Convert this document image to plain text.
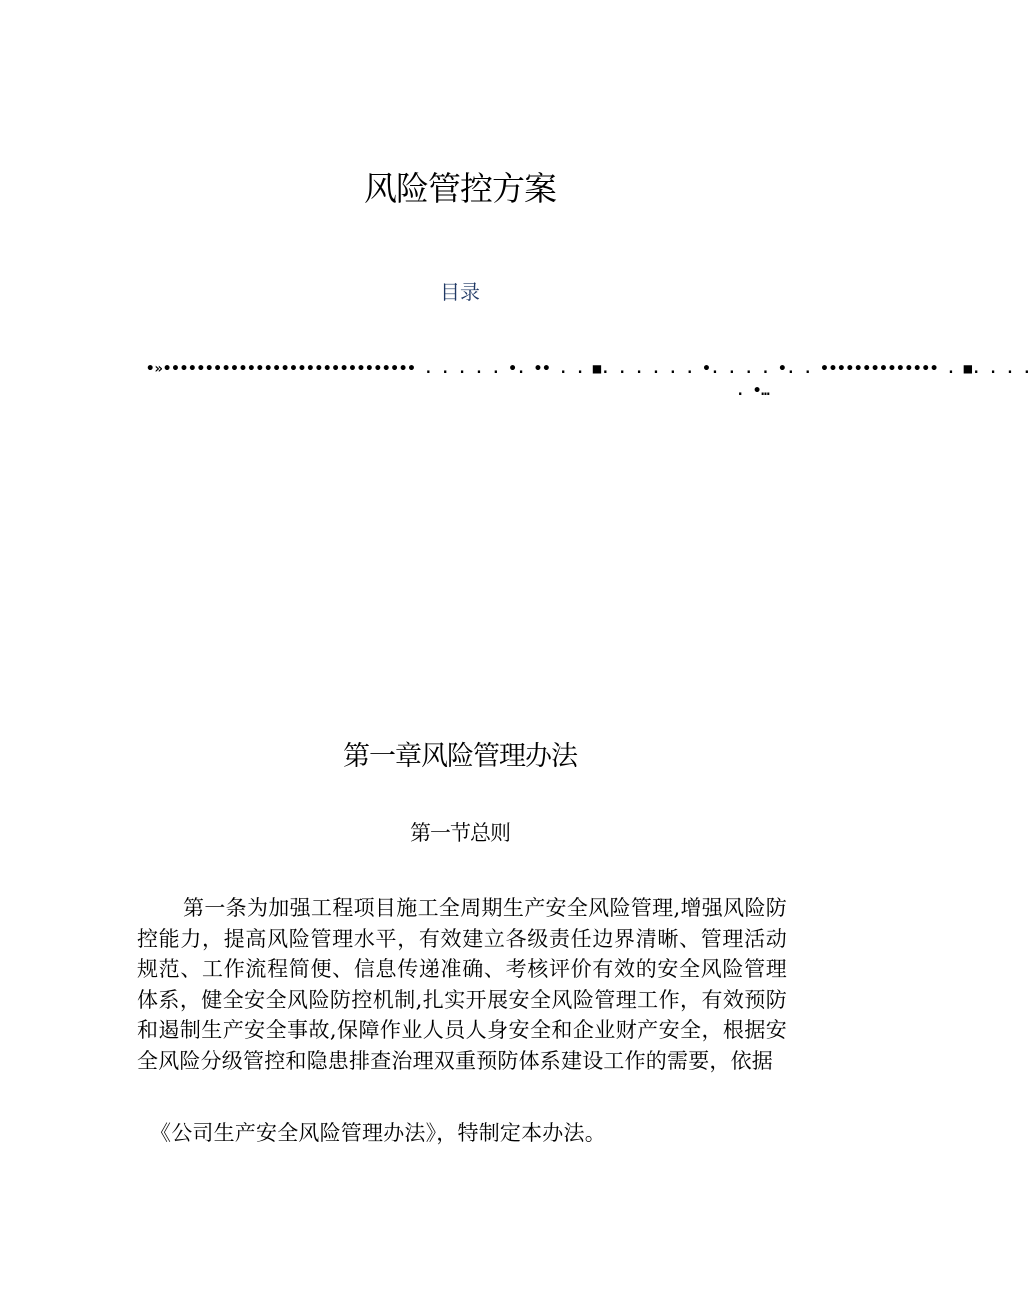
风险管控方案
目录
•»•••••••••••••••••••••••••••••• . . . . . •. •• . . ■. . . . . . •. . . . •. . •••••••••••••• . ■. . . .
. •…
第一章风险管理办法
第一节总则
第一条为加强工程项目施工全周期生产安全风险管理,增强风险防控能力，提高风险管理水平，有效建立各级责任边界清晰、管理活动规范、工作流程简便、信息传递准确、考核评价有效的安全风险管理体系，健全安全风险防控机制,扎实开展安全风险管理工作，有效预防和遏制生产安全事故,保障作业人员人身安全和企业财产安全，根据安全风险分级管控和隐患排查治理双重预防体系建设工作的需要，依据
《公司生产安全风险管理办法》，特制定本办法。
